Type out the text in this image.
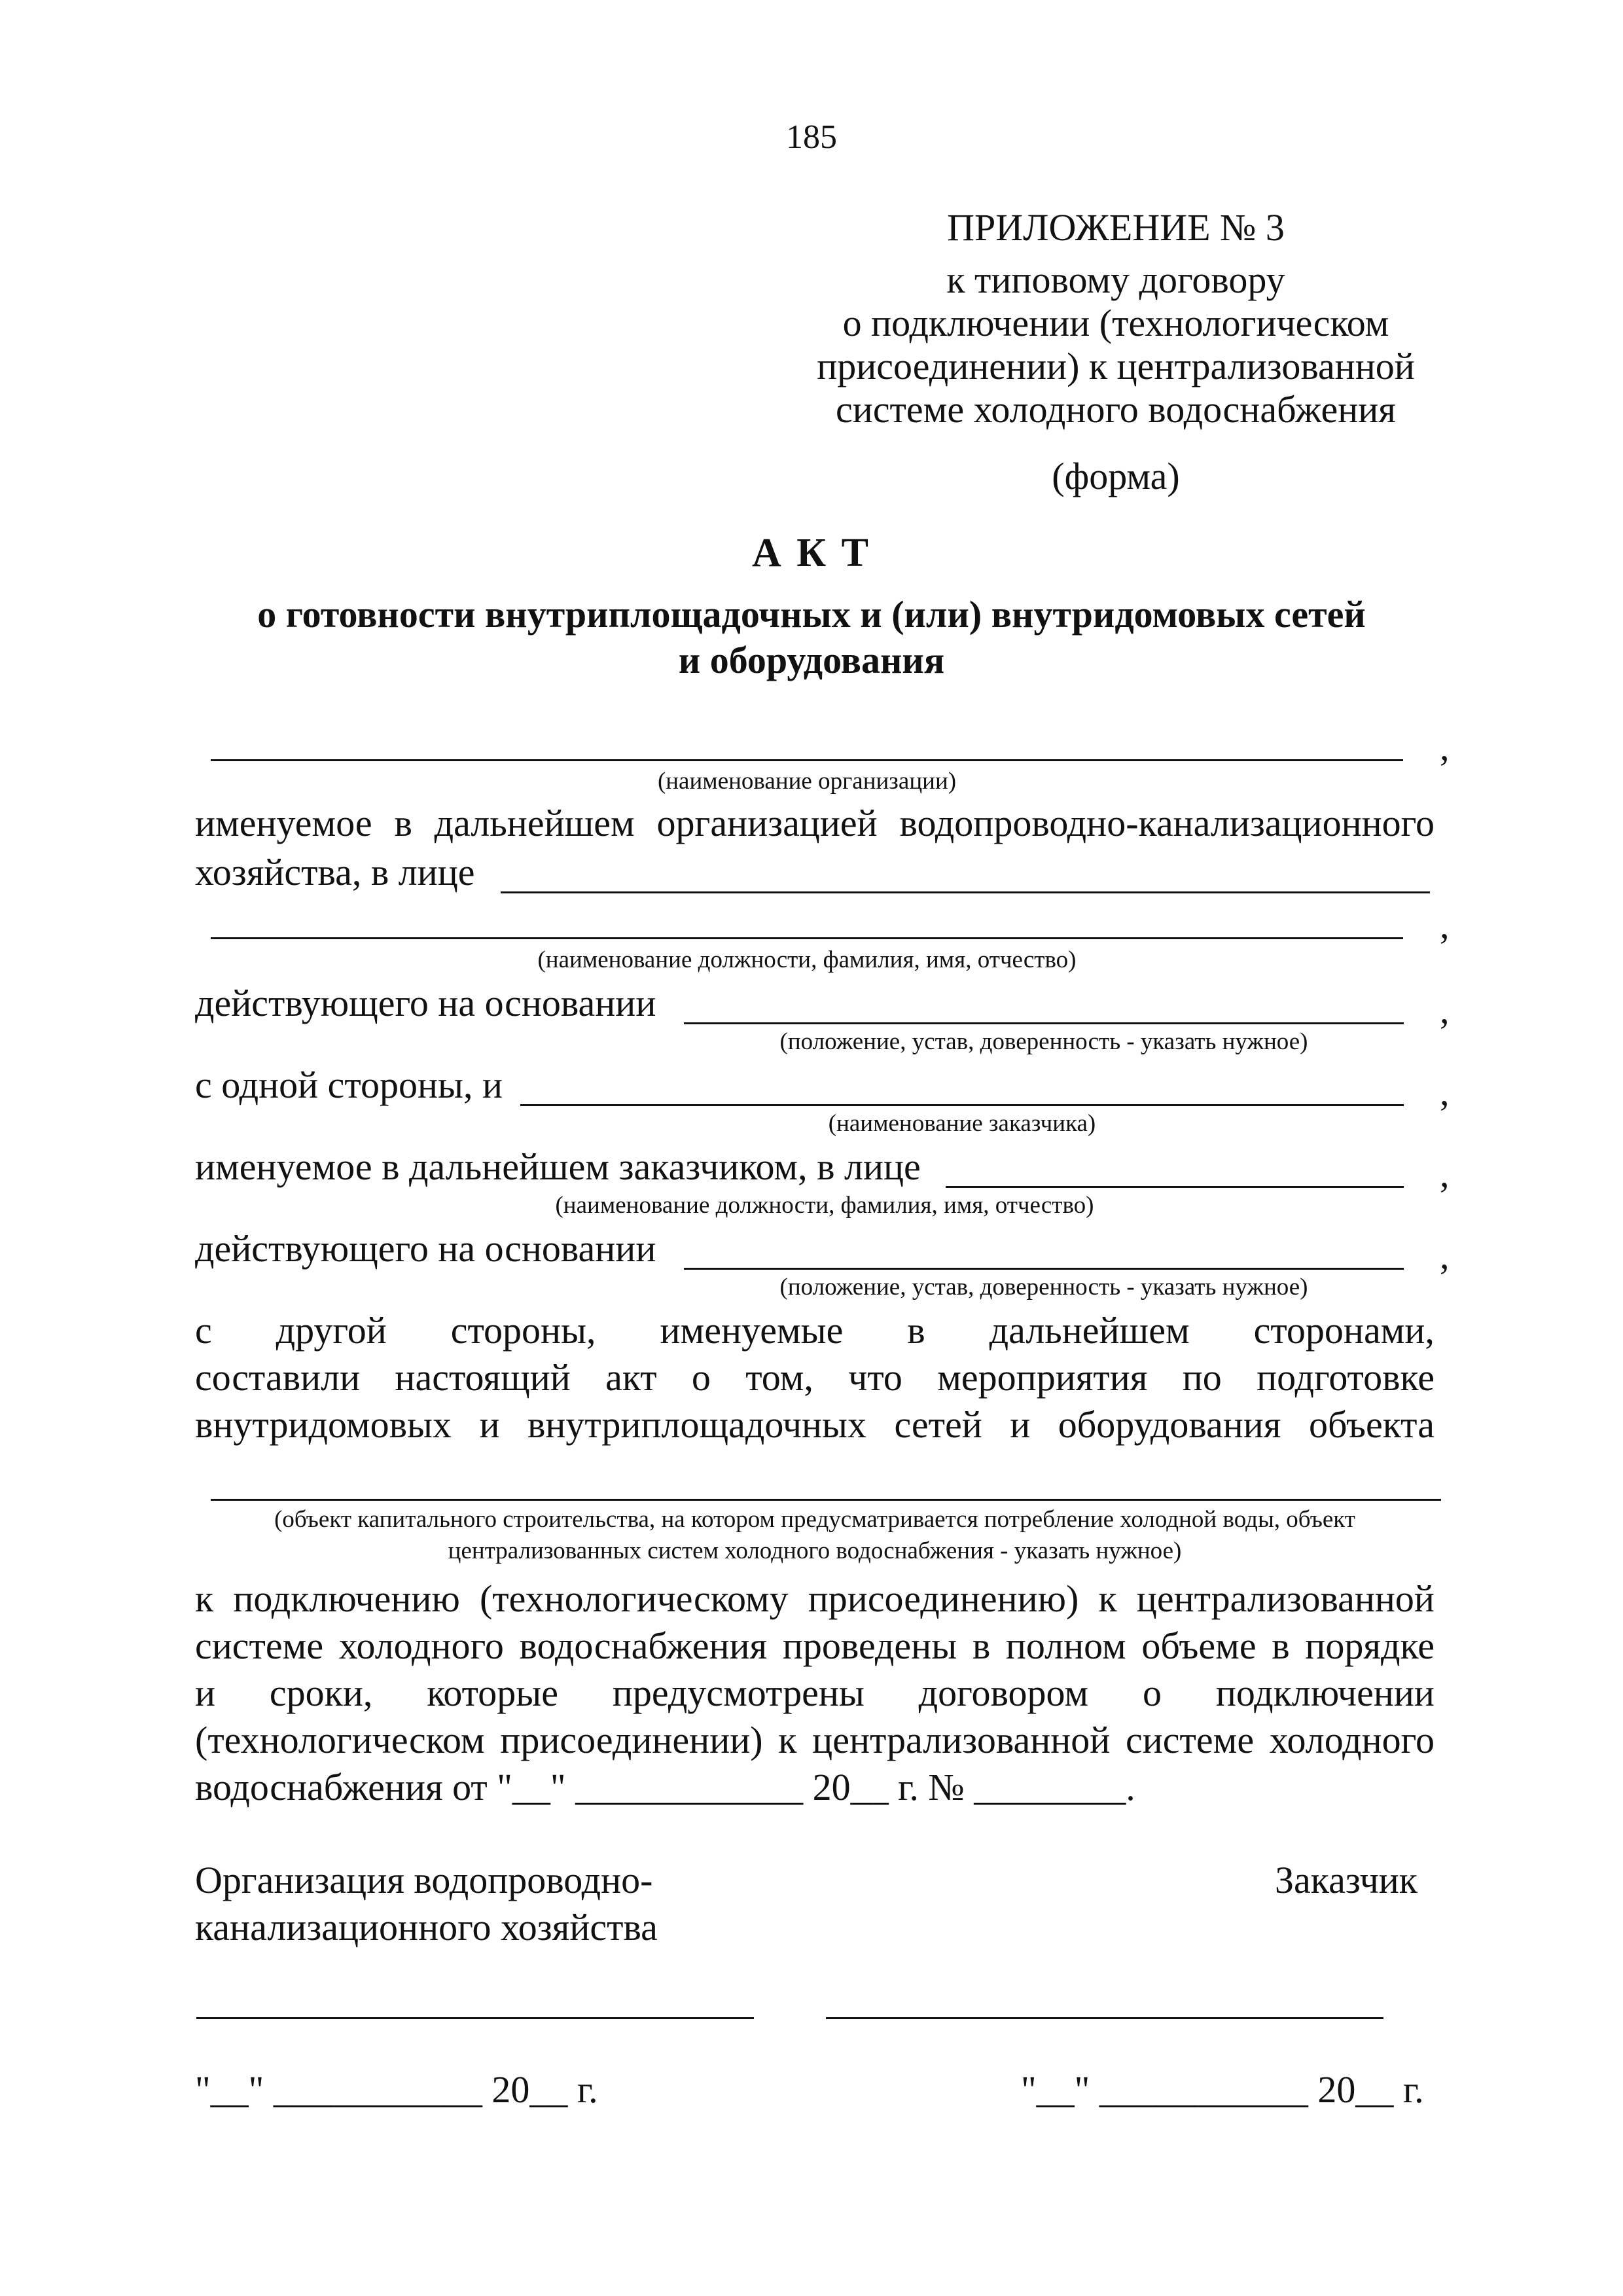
185
ПРИЛОЖЕНИЕ № 3
к типовому договору
о подключении (технологическом
присоединении) к централизованной
системе холодного водоснабжения
(форма)
А К Т
о готовности внутриплощадочных и (или) внутридомовых сетей
и оборудования
,
(наименование организации)
именуемое в дальнейшем организацией водопроводно-канализационного
хозяйства, в лице
,
(наименование должности, фамилия, имя, отчество)
действующего на основании	,
(положение, устав, доверенность - указать нужное)
с одной стороны, и	,
(наименование заказчика)
именуемое в дальнейшем заказчиком, в лице	,
(наименование должности, фамилия, имя, отчество)
действующего на основании	,
(положение, устав, доверенность - указать нужное)
с другой стороны, именуемые в дальнейшем сторонами,
составили настоящий акт о том, что мероприятия по подготовке
внутридомовых и внутриплощадочных сетей и оборудования объекта
(объект капитального строительства, на котором предусматривается потребление холодной воды, объект
централизованных систем холодного водоснабжения - указать нужное)
к подключению (технологическому присоединению) к централизованной
системе холодного водоснабжения проведены в полном объеме в порядке
и сроки, которые предусмотрены договором о подключении
(технологическом присоединении) к централизованной системе холодного
водоснабжения от "__" ____________ 20__ г. № ________.
Организация водопроводно-
канализационного хозяйства
Заказчик
"__" ___________ 20__ г.	"__" ___________ 20__ г.
